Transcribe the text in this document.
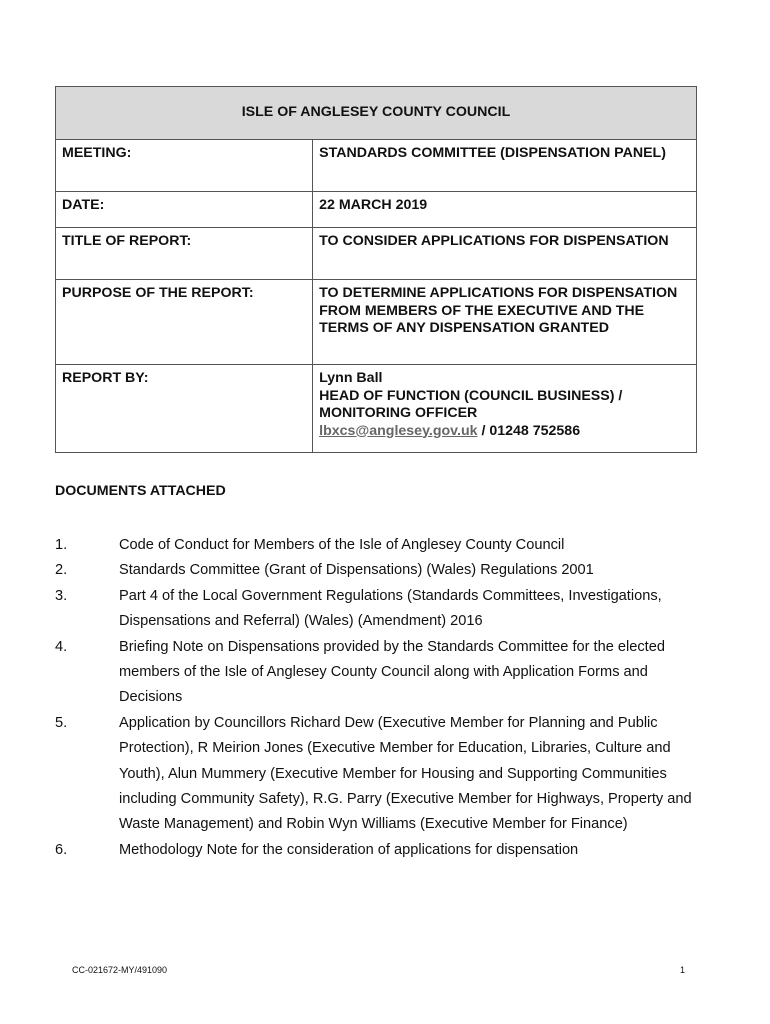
ISLE OF ANGLESEY COUNTY COUNCIL	
MEETING:	STANDARDS COMMITTEE (DISPENSATION PANEL)
DATE:	22 MARCH 2019
TITLE OF REPORT:	TO CONSIDER APPLICATIONS FOR DISPENSATION
PURPOSE OF THE REPORT:	TO DETERMINE APPLICATIONS FOR DISPENSATION FROM MEMBERS OF THE EXECUTIVE AND THE TERMS OF ANY DISPENSATION GRANTED
REPORT BY:	Lynn Ball
HEAD OF FUNCTION (COUNCIL BUSINESS) / MONITORING OFFICER
lbxcs@anglesey.gov.uk / 01248 752586
DOCUMENTS ATTACHED
1.	Code of Conduct for Members of the Isle of Anglesey County Council
2.	Standards Committee (Grant of Dispensations) (Wales) Regulations 2001
3.	Part 4 of the Local Government Regulations (Standards Committees, Investigations, Dispensations and Referral) (Wales) (Amendment) 2016
4.	Briefing Note on Dispensations provided by the Standards Committee for the elected members of the Isle of Anglesey County Council along with Application Forms and Decisions
5.	Application by Councillors Richard Dew (Executive Member for Planning and Public Protection), R Meirion Jones (Executive Member for Education, Libraries, Culture and Youth), Alun Mummery (Executive Member for Housing and Supporting Communities including Community Safety), R.G. Parry (Executive Member for Highways, Property and Waste Management) and Robin Wyn Williams (Executive Member for Finance)
6.	Methodology Note for the consideration of applications for dispensation
CC-021672-MY/491090	1
